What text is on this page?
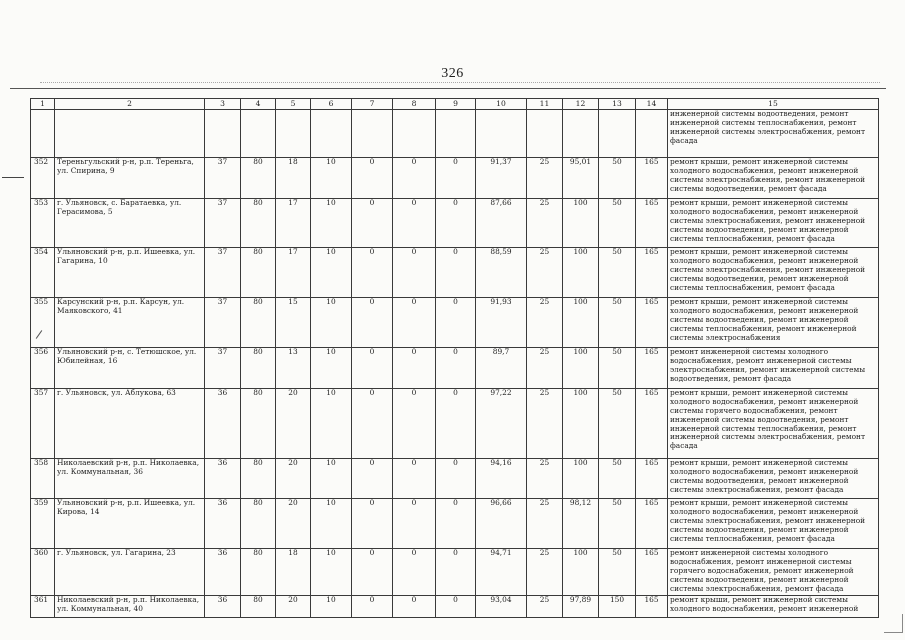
326
1	2	3	4	5	6	7	8	9	10	11	12	13	14	15
														инженерной системы водоотведения, ремонт инженерной системы теплоснабжения, ремонт инженерной системы электроснабжения, ремонт фасада
352	Тереньгульский р-н, р.п. Тереньга, ул. Спирина, 9	37	80	18	10	0	0	0	91,37	25	95,01	50	165	ремонт крыши, ремонт инженерной системы холодного водоснабжения, ремонт инженерной системы электроснабжения, ремонт инженерной системы водоотведения, ремонт фасада
353	г. Ульяновск, с. Баратаевка, ул. Герасимова, 5	37	80	17	10	0	0	0	87,66	25	100	50	165	ремонт крыши, ремонт инженерной системы холодного водоснабжения, ремонт инженерной системы электроснабжения, ремонт инженерной системы водоотведения, ремонт инженерной системы теплоснабжения, ремонт фасада
354	Ульяновский р-н, р.п. Ишеевка, ул. Гагарина, 10	37	80	17	10	0	0	0	88,59	25	100	50	165	ремонт крыши, ремонт инженерной системы холодного водоснабжения, ремонт инженерной системы электроснабжения, ремонт инженерной системы водоотведения, ремонт инженерной системы теплоснабжения, ремонт фасада
355	Карсунский р-н, р.п. Карсун, ул. Маяковского, 41	37	80	15	10	0	0	0	91,93	25	100	50	165	ремонт крыши, ремонт инженерной системы холодного водоснабжения, ремонт инженерной системы водоотведения, ремонт инженерной системы теплоснабжения, ремонт инженерной системы электроснабжения
356	Ульяновский р-н, с. Тетюшское, ул. Юбилейная, 16	37	80	13	10	0	0	0	89,7	25	100	50	165	ремонт инженерной системы холодного водоснабжения, ремонт инженерной системы электроснабжения, ремонт инженерной системы водоотведения, ремонт фасада
357	г. Ульяновск, ул. Аблукова, 63	36	80	20	10	0	0	0	97,22	25	100	50	165	ремонт крыши, ремонт инженерной системы холодного водоснабжения, ремонт инженерной системы горячего водоснабжения, ремонт инженерной системы водоотведения, ремонт инженерной системы теплоснабжения, ремонт инженерной системы электроснабжения, ремонт фасада
358	Николаевский р-н, р.п. Николаевка, ул. Коммунальная, 36	36	80	20	10	0	0	0	94,16	25	100	50	165	ремонт крыши, ремонт инженерной системы холодного водоснабжения, ремонт инженерной системы водоотведения, ремонт инженерной системы электроснабжения, ремонт фасада
359	Ульяновский р-н, р.п. Ишеевка, ул. Кирова, 14	36	80	20	10	0	0	0	96,66	25	98,12	50	165	ремонт крыши, ремонт инженерной системы холодного водоснабжения, ремонт инженерной системы электроснабжения, ремонт инженерной системы водоотведения, ремонт инженерной системы теплоснабжения, ремонт фасада
360	г. Ульяновск, ул. Гагарина, 23	36	80	18	10	0	0	0	94,71	25	100	50	165	ремонт инженерной системы холодного водоснабжения, ремонт инженерной системы горячего водоснабжения, ремонт инженерной системы водоотведения, ремонт инженерной системы электроснабжения, ремонт фасада
361	Николаевский р-н, р.п. Николаевка, ул. Коммунальная, 40	36	80	20	10	0	0	0	93,04	25	97,89	150	165	ремонт крыши, ремонт инженерной системы холодного водоснабжения, ремонт инженерной
